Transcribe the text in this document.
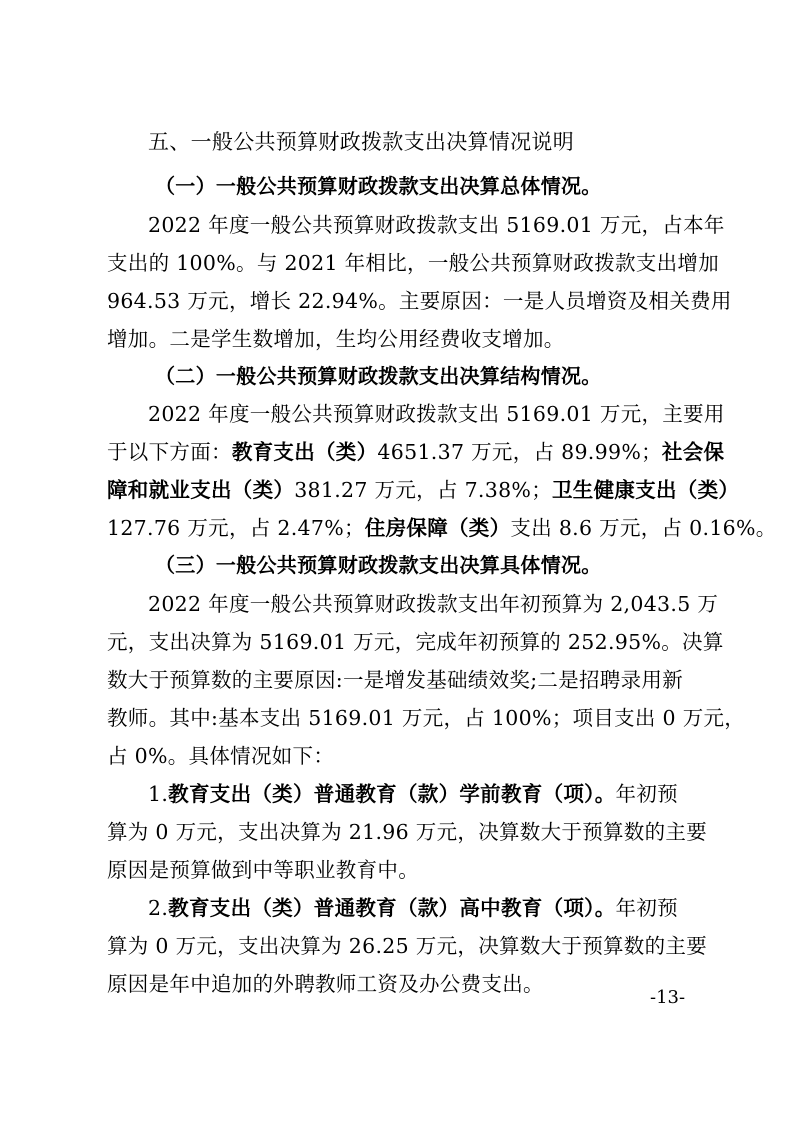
五、一般公共预算财政拨款支出决算情况说明
（一）一般公共预算财政拨款支出决算总体情况。
2022 年度一般公共预算财政拨款支出 5169.01 万元，占本年
支出的 100%。与 2021 年相比，一般公共预算财政拨款支出增加
964.53 万元，增长 22.94%。主要原因：一是人员增资及相关费用
增加。二是学生数增加，生均公用经费收支增加。
（二）一般公共预算财政拨款支出决算结构情况。
2022 年度一般公共预算财政拨款支出 5169.01 万元，主要用
于以下方面：教育支出（类）4651.37 万元，占 89.99%；社会保
障和就业支出（类）381.27 万元，占 7.38%；卫生健康支出（类）
127.76 万元，占 2.47%；住房保障（类）支出 8.6 万元，占 0.16%。
（三）一般公共预算财政拨款支出决算具体情况。
2022 年度一般公共预算财政拨款支出年初预算为 2,043.5 万
元，支出决算为 5169.01 万元，完成年初预算的 252.95%。决算
数大于预算数的主要原因:一是增发基础绩效奖;二是招聘录用新
教师。其中:基本支出 5169.01 万元，占 100%；项目支出 0 万元，
占 0%。具体情况如下：
1.教育支出（类）普通教育（款）学前教育（项）。年初预
算为 0 万元，支出决算为 21.96 万元，决算数大于预算数的主要
原因是预算做到中等职业教育中。
2.教育支出（类）普通教育（款）高中教育（项）。年初预
算为 0 万元，支出决算为 26.25 万元，决算数大于预算数的主要
原因是年中追加的外聘教师工资及办公费支出。
-13-
